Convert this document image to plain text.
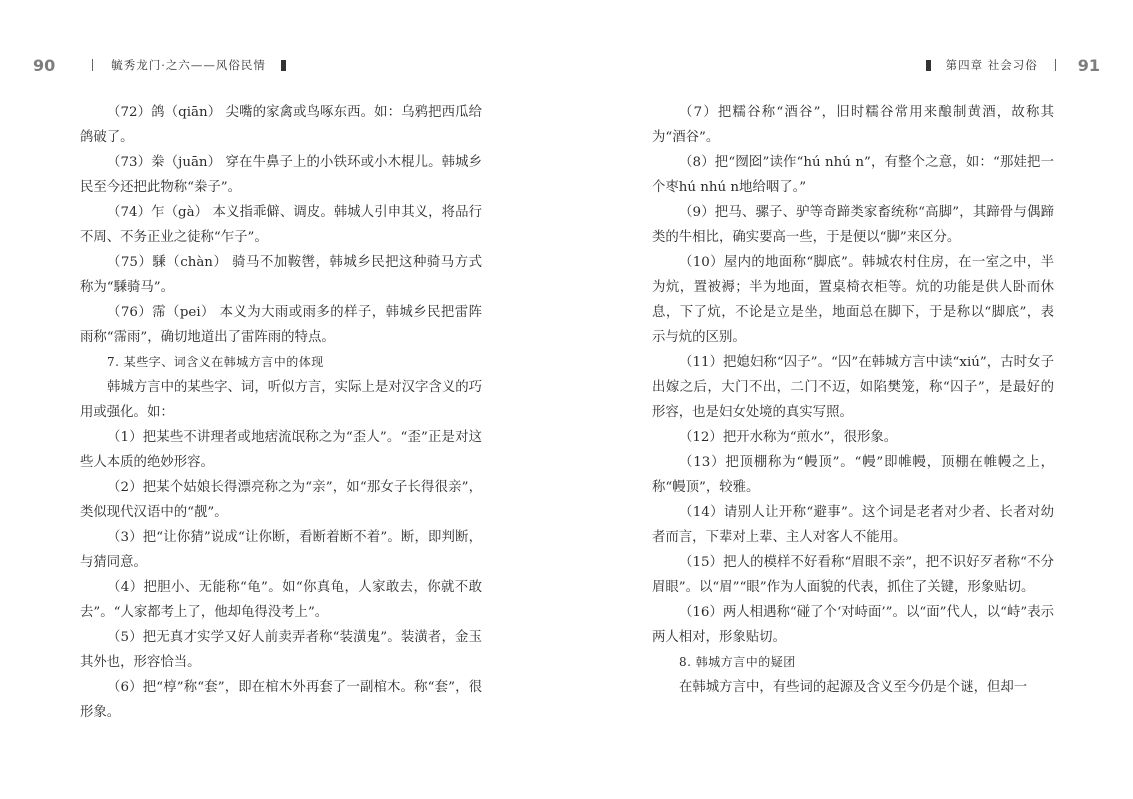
90	毓秀龙门·之六——风俗民情	第四章 社会习俗	91

（72）鸽（qiān） 尖嘴的家禽或鸟啄东西。如：乌鸦把西瓜给鸽破了。

（73）桊（juān） 穿在牛鼻子上的小铁环或小木棍儿。韩城乡民至今还把此物称“桊子”。

（74）乍（gà） 本义指乖僻、调皮。韩城人引申其义，将品行不周、不务正业之徒称“乍子”。

（75）騬（chàn） 骑马不加鞍辔，韩城乡民把这种骑马方式称为“騬骑马”。

（76）霈（pei） 本义为大雨或雨多的样子，韩城乡民把雷阵雨称“霈雨”，确切地道出了雷阵雨的特点。

7. 某些字、词含义在韩城方言中的体现

韩城方言中的某些字、词，听似方言，实际上是对汉字含义的巧用或强化。如：

（1）把某些不讲理者或地痞流氓称之为“歪人”。“歪”正是对这些人本质的绝妙形容。

（2）把某个姑娘长得漂亮称之为“亲”，如“那女子长得很亲”，类似现代汉语中的“靓”。

（3）把“让你猜”说成“让你断，看断着断不着”。断，即判断，与猜同意。

（4）把胆小、无能称“龟”。如“你真龟，人家敢去，你就不敢去”。“人家都考上了，他却龟得没考上”。

（5）把无真才实学又好人前卖弄者称“装潢鬼”。装潢者，金玉其外也，形容恰当。

（6）把“椁”称“套”，即在棺木外再套了一副棺木。称“套”，很形象。

（7）把糯谷称“酒谷”，旧时糯谷常用来酿制黄酒，故称其为“酒谷”。

（8）把“囫囵”读作“hú nhú n”，有整个之意，如：“那娃把一个枣hú nhú n地给咽了。”

（9）把马、骡子、驴等奇蹄类家畜统称“高脚”，其蹄骨与偶蹄类的牛相比，确实要高一些，于是便以“脚”来区分。

（10）屋内的地面称“脚底”。韩城农村住房，在一室之中，半为炕，置被褥；半为地面，置桌椅衣柜等。炕的功能是供人卧而休息，下了炕，不论是立是坐，地面总在脚下，于是称以“脚底”，表示与炕的区别。

（11）把媳妇称“囚子”。“囚”在韩城方言中读“xiú”，古时女子出嫁之后，大门不出，二门不迈，如陷樊笼，称“囚子”，是最好的形容，也是妇女处境的真实写照。

（12）把开水称为“煎水”，很形象。

（13）把顶棚称为“幔顶”。“幔”即帷幔，顶棚在帷幔之上，称“幔顶”，较雅。

（14）请别人让开称“避事”。这个词是老者对少者、长者对幼者而言，下辈对上辈、主人对客人不能用。

（15）把人的模样不好看称“眉眼不亲”，把不识好歹者称“不分眉眼”。以“眉”“眼”作为人面貌的代表，抓住了关键，形象贴切。

（16）两人相遇称“碰了个‘对峙面’”。以“面”代人，以“峙”表示两人相对，形象贴切。

8. 韩城方言中的疑团

在韩城方言中，有些词的起源及含义至今仍是个谜，但却一
